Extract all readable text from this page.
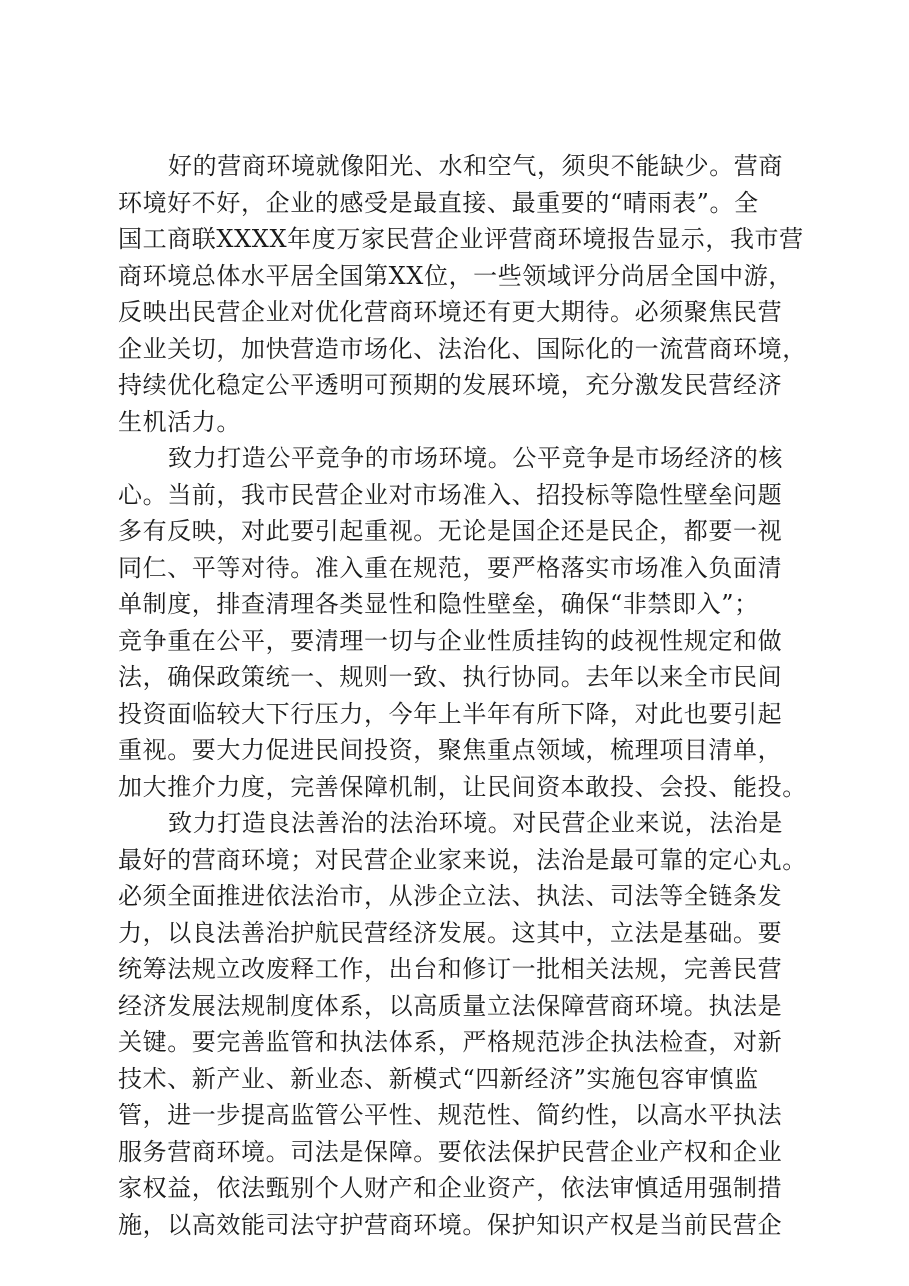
好的营商环境就像阳光、水和空气，须臾不能缺少。营商
环境好不好，企业的感受是最直接、最重要的“晴雨表”。全
国工商联XXXX年度万家民营企业评营商环境报告显示，我市营
商环境总体水平居全国第XX位，一些领域评分尚居全国中游，
反映出民营企业对优化营商环境还有更大期待。必须聚焦民营
企业关切，加快营造市场化、法治化、国际化的一流营商环境，
持续优化稳定公平透明可预期的发展环境，充分激发民营经济
生机活力。
致力打造公平竞争的市场环境。公平竞争是市场经济的核
心。当前，我市民营企业对市场准入、招投标等隐性壁垒问题
多有反映，对此要引起重视。无论是国企还是民企，都要一视
同仁、平等对待。准入重在规范，要严格落实市场准入负面清
单制度，排查清理各类显性和隐性壁垒，确保“非禁即入”；
竞争重在公平，要清理一切与企业性质挂钩的歧视性规定和做
法，确保政策统一、规则一致、执行协同。去年以来全市民间
投资面临较大下行压力，今年上半年有所下降，对此也要引起
重视。要大力促进民间投资，聚焦重点领域，梳理项目清单，
加大推介力度，完善保障机制，让民间资本敢投、会投、能投。
致力打造良法善治的法治环境。对民营企业来说，法治是
最好的营商环境；对民营企业家来说，法治是最可靠的定心丸。
必须全面推进依法治市，从涉企立法、执法、司法等全链条发
力，以良法善治护航民营经济发展。这其中，立法是基础。要
统筹法规立改废释工作，出台和修订一批相关法规，完善民营
经济发展法规制度体系，以高质量立法保障营商环境。执法是
关键。要完善监管和执法体系，严格规范涉企执法检查，对新
技术、新产业、新业态、新模式“四新经济”实施包容审慎监
管，进一步提高监管公平性、规范性、简约性，以高水平执法
服务营商环境。司法是保障。要依法保护民营企业产权和企业
家权益，依法甄别个人财产和企业资产，依法审慎适用强制措
施，以高效能司法守护营商环境。保护知识产权是当前民营企
